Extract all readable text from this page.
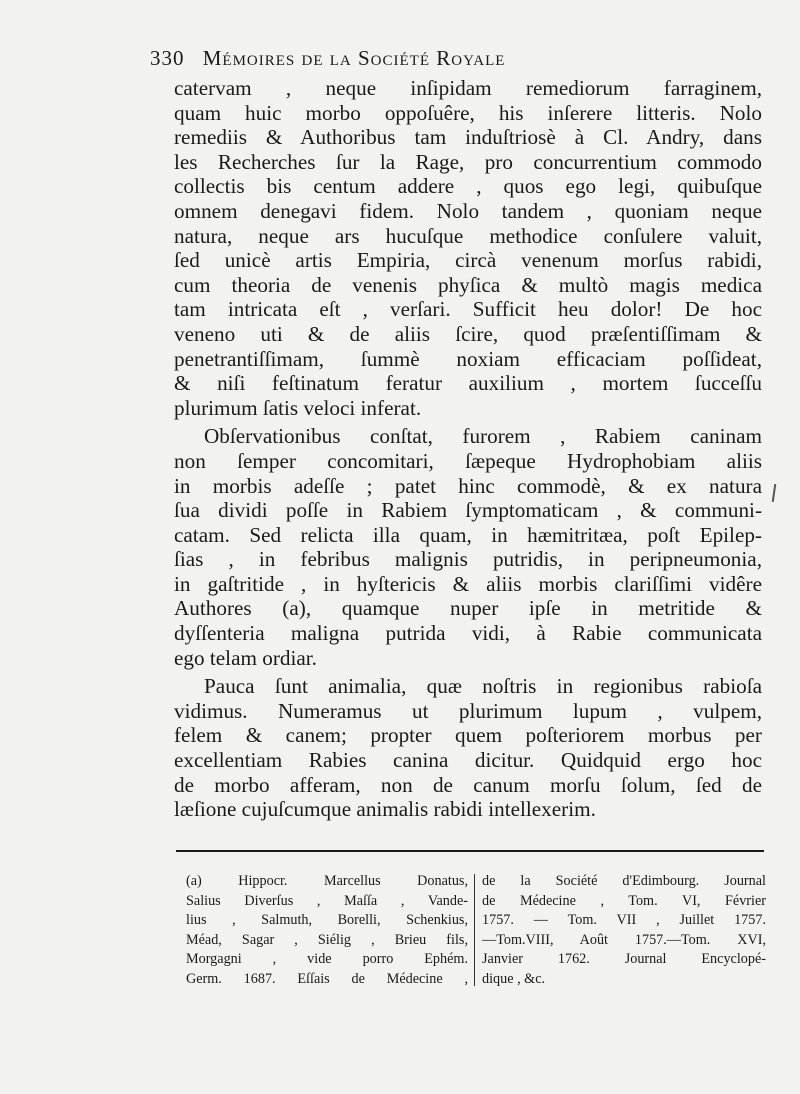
330 Mémoires de la Société Royale
catervam , neque inſipidam remediorum farraginem,
quam huic morbo oppoſuêre, his inſerere litteris. Nolo
remediis & Authoribus tam induſtriosè à Cl. Andry, dans
les Recherches ſur la Rage, pro concurrentium commodo
collectis bis centum addere , quos ego legi, quibuſque
omnem denegavi fidem. Nolo tandem , quoniam neque
natura, neque ars hucuſque methodice conſulere valuit,
ſed unicè artis Empiria, circà venenum morſus rabidi,
cum theoria de venenis phyſica & multò magis medica
tam intricata eſt , verſari. Sufficit heu dolor! De hoc
veneno uti & de aliis ſcire, quod præſentiſſimam &
penetrantiſſimam, ſummè noxiam efficaciam poſſideat,
& niſi feſtinatum feratur auxilium , mortem ſucceſſu
plurimum ſatis veloci inferat.
Obſervationibus conſtat, furorem , Rabiem caninam
non ſemper concomitari, ſæpeque Hydrophobiam aliis
in morbis adeſſe ; patet hinc commodè, & ex natura
ſua dividi poſſe in Rabiem ſymptomaticam , & communi-
catam. Sed relicta illa quam, in hæmitritæa, poſt Epilep-
ſias , in febribus malignis putridis, in peripneumonia,
in gaſtritide , in hyſtericis & aliis morbis clariſſimi vidêre
Authores (a), quamque nuper ipſe in metritide &
dyſſenteria maligna putrida vidi, à Rabie communicata
ego telam ordiar.
Pauca ſunt animalia, quæ noſtris in regionibus rabioſa
vidimus. Numeramus ut plurimum lupum , vulpem,
felem & canem; propter quem poſteriorem morbus per
excellentiam Rabies canina dicitur. Quidquid ergo hoc
de morbo afferam, non de canum morſu ſolum, ſed de
læſione cujuſcumque animalis rabidi intellexerim.
(a) Hippocr. Marcellus Donatus,
Salius Diverſus , Maſſa , Vande-
lius , Salmuth, Borelli, Schenkius,
Méad, Sagar , Siélig , Brieu fils,
Morgagni , vide porro Ephém.
Germ. 1687. Eſſais de Médecine ,
de la Société d'Edimbourg. Journal
de Médecine , Tom. VI, Février
1757. — Tom. VII , Juillet 1757.
—Tom.VIII, Août 1757.—Tom. XVI,
Janvier 1762. Journal Encyclopé-
dique , &c.
